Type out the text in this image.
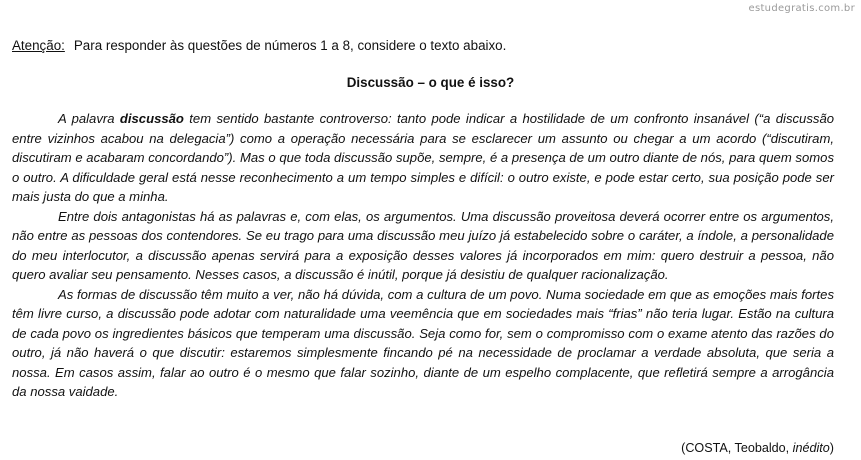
estudegratis.com.br
Atenção: Para responder às questões de números 1 a 8, considere o texto abaixo.
Discussão – o que é isso?

A palavra discussão tem sentido bastante controverso: tanto pode indicar a hostilidade de um confronto insanável (“a discussão entre vizinhos acabou na delegacia”) como a operação necessária para se esclarecer um assunto ou chegar a um acordo (“discutiram, discutiram e acabaram concordando”). Mas o que toda discussão supõe, sempre, é a presença de um outro diante de nós, para quem somos o outro. A dificuldade geral está nesse reconhecimento a um tempo simples e difícil: o outro existe, e pode estar certo, sua posição pode ser mais justa do que a minha.

Entre dois antagonistas há as palavras e, com elas, os argumentos. Uma discussão proveitosa deverá ocorrer entre os argumentos, não entre as pessoas dos contendores. Se eu trago para uma discussão meu juízo já estabelecido sobre o caráter, a índole, a personalidade do meu interlocutor, a discussão apenas servirá para a exposição desses valores já incorporados em mim: quero destruir a pessoa, não quero avaliar seu pensamento. Nesses casos, a discussão é inútil, porque já desistiu de qualquer racionalização.

As formas de discussão têm muito a ver, não há dúvida, com a cultura de um povo. Numa sociedade em que as emoções mais fortes têm livre curso, a discussão pode adotar com naturalidade uma veemência que em sociedades mais “frias” não teria lugar. Estão na cultura de cada povo os ingredientes básicos que temperam uma discussão. Seja como for, sem o compromisso com o exame atento das razões do outro, já não haverá o que discutir: estaremos simplesmente fincando pé na necessidade de proclamar a verdade absoluta, que seria a nossa. Em casos assim, falar ao outro é o mesmo que falar sozinho, diante de um espelho complacente, que refletirá sempre a arrogância da nossa vaidade.

(COSTA, Teobaldo, inédito)
